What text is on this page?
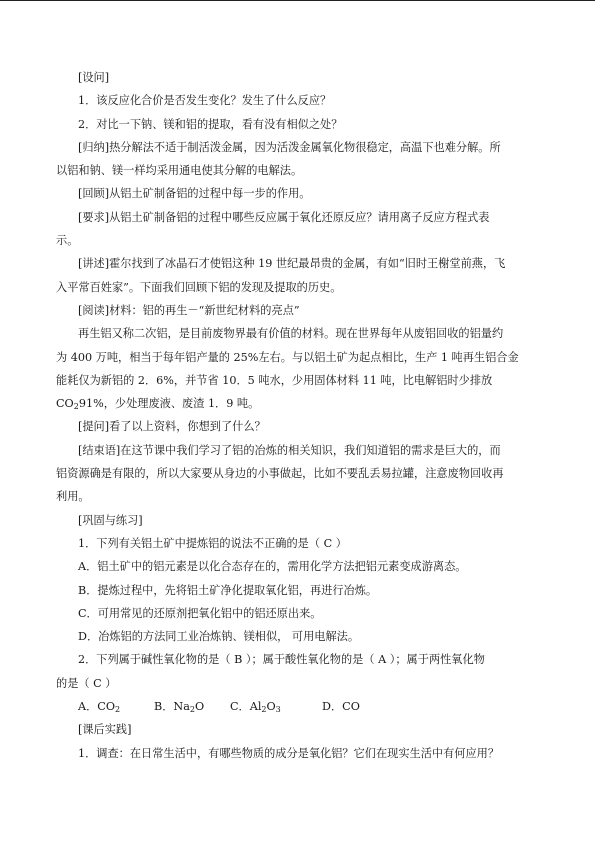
[设问]

1．该反应化合价是否发生变化？发生了什么反应？

2．对比一下钠、镁和铝的提取，看有没有相似之处？

[归纳]热分解法不适于制活泼金属，因为活泼金属氧化物很稳定，高温下也难分解。所

以铝和钠、镁一样均采用通电使其分解的电解法。

[回顾]从铝土矿制备铝的过程中每一步的作用。

[要求]从铝土矿制备铝的过程中哪些反应属于氧化还原反应？请用离子反应方程式表

示。

[讲述]霍尔找到了冰晶石才使铝这种 19 世纪最昂贵的金属，有如“旧时王榭堂前燕，飞

入平常百姓家”。下面我们回顾下铝的发现及提取的历史。

[阅读]材料：铝的再生－“新世纪材料的亮点”

再生铝又称二次铝，是目前废物界最有价值的材料。现在世界每年从废铝回收的铝量约

为 400 万吨，相当于每年铝产量的 25%左右。与以铝土矿为起点相比，生产 1 吨再生铝合金

能耗仅为新铝的 2．6%，并节省 10．5 吨水，少用固体材料 11 吨，比电解铝时少排放

$CO_291\%$，少处理废液、废渣 1．9 吨。

[提问]看了以上资料，你想到了什么？

[结束语]在这节课中我们学习了铝的冶炼的相关知识，我们知道铝的需求是巨大的，而

铝资源确是有限的，所以大家要从身边的小事做起，比如不要乱丢易拉罐，注意废物回收再

利用。

[巩固与练习]

1．下列有关铝土矿中提炼铝的说法不正确的是（ C ）

A．铝土矿中的铝元素是以化合态存在的，需用化学方法把铝元素变成游离态。

B．提炼过程中，先将铝土矿净化提取氧化铝，再进行冶炼。

C．可用常见的还原剂把氧化铝中的铝还原出来。

D．冶炼铝的方法同工业冶炼钠、镁相似， 可用电解法。

2．下列属于碱性氧化物的是（ B ）；属于酸性氧化物的是（ A ）；属于两性氧化物

的是（ C ）

A．$CO_2$	B．$Na_2O$ C．$Al_2O_3$	D．CO

[课后实践]

1．调查：在日常生活中，有哪些物质的成分是氧化铝？它们在现实生活中有何应用？
